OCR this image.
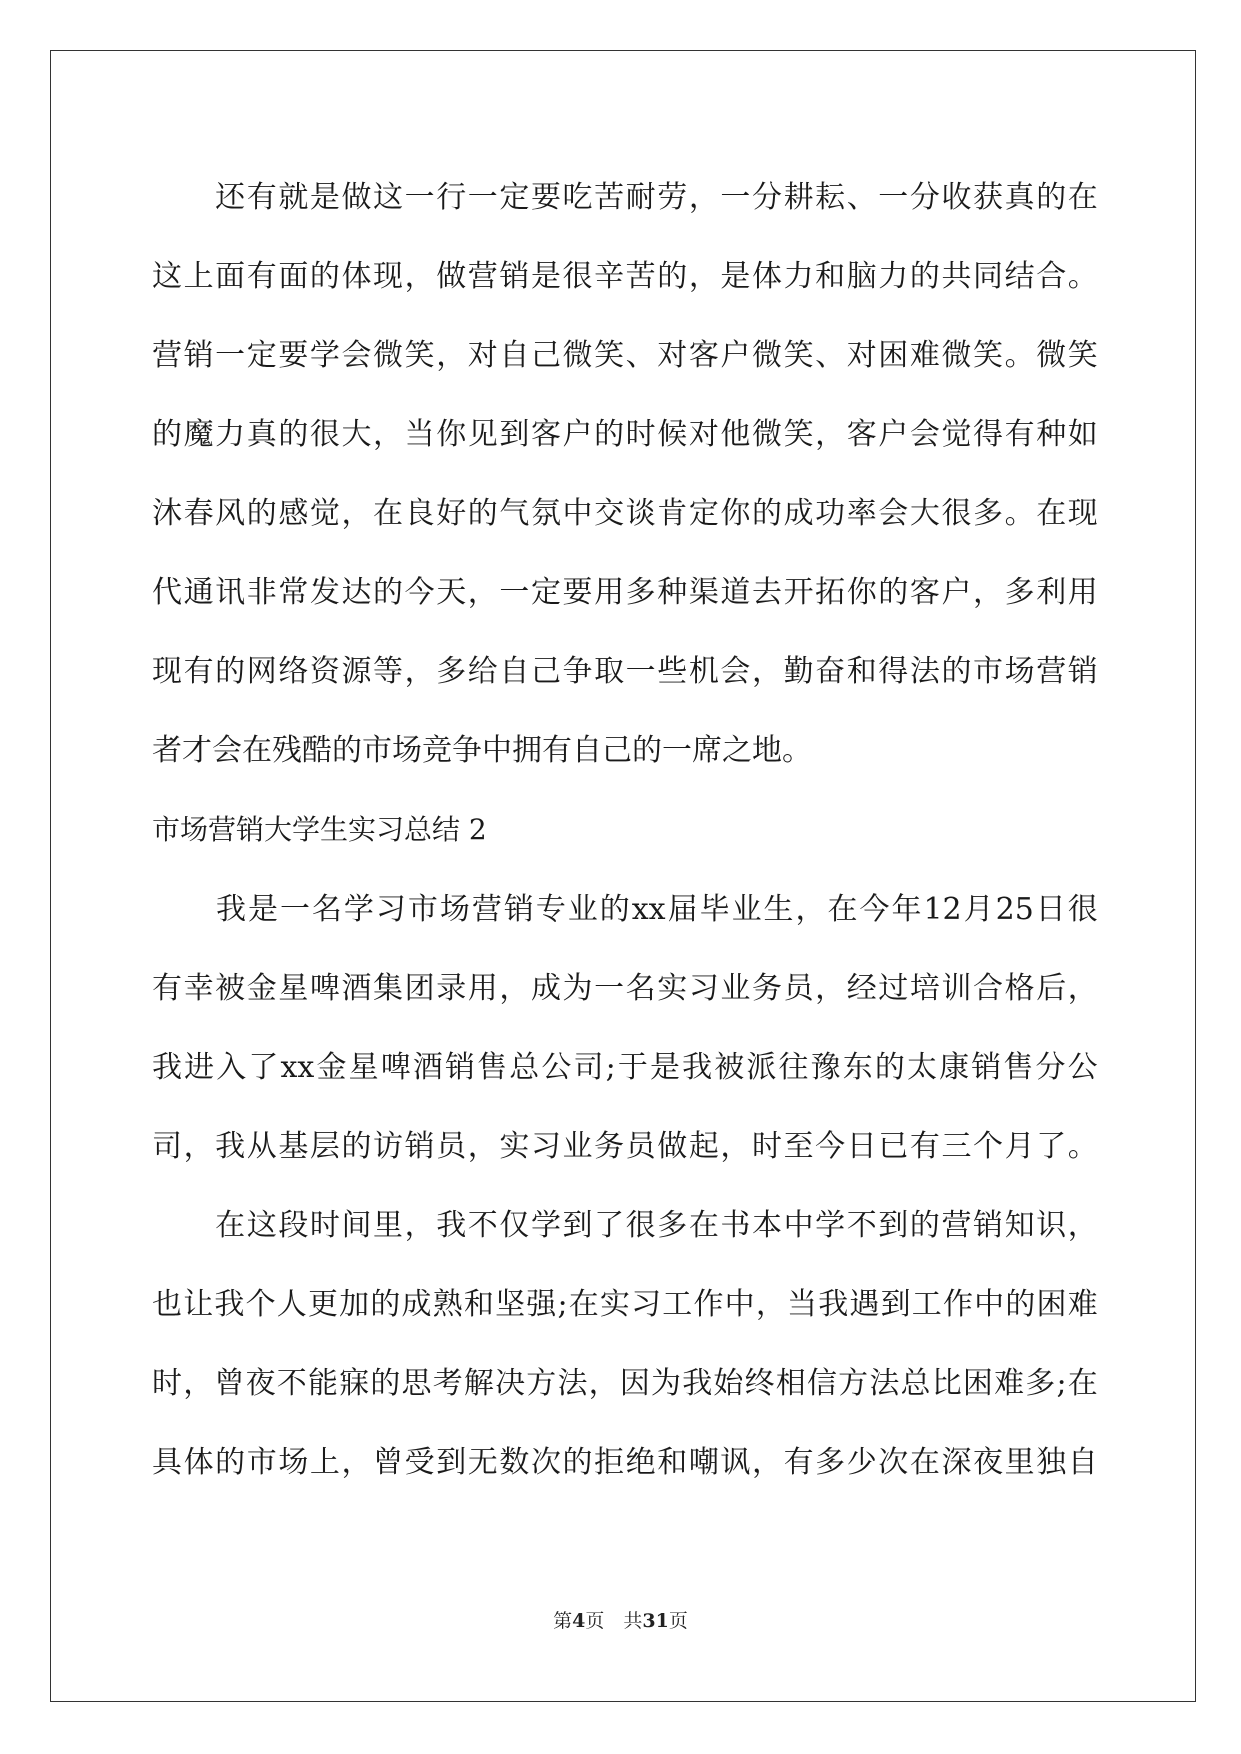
还 有 就 是 做 这 一 行 一 定 要 吃 苦 耐 劳 ， 一 分 耕 耘 、 一 分 收 获 真 的 在
这 上 面 有 面 的 体 现 ， 做 营 销 是 很 辛 苦 的 ， 是 体 力 和 脑 力 的 共 同 结 合 。
营 销 一 定 要 学 会 微 笑 ， 对 自 己 微 笑 、 对 客 户 微 笑 、 对 困 难 微 笑 。 微 笑
的 魔 力 真 的 很 大 ， 当 你 见 到 客 户 的 时 候 对 他 微 笑 ， 客 户 会 觉 得 有 种 如
沐 春 风 的 感 觉 ， 在 良 好 的 气 氛 中 交 谈 肯 定 你 的 成 功 率 会 大 很 多 。 在 现
代 通 讯 非 常 发 达 的 今 天 ， 一 定 要 用 多 种 渠 道 去 开 拓 你 的 客 户 ， 多 利 用
现 有 的 网 络 资 源 等 ， 多 给 自 己 争 取 一 些 机 会 ， 勤 奋 和 得 法 的 市 场 营 销
者才会在残酷的市场竞争中拥有自己的一席之地。
市场营销大学生实习总结 2

我 是 一 名 学 习 市 场 营 销 专 业 的 xx 届 毕 业 生 ， 在 今 年 12 月 25 日 很
有 幸 被 金 星 啤 酒 集 团 录 用 ， 成 为 一 名 实 习 业 务 员 ， 经 过 培 训 合 格 后 ，
我 进 入 了 xx 金 星 啤 酒 销 售 总 公 司 ; 于 是 我 被 派 往 豫 东 的 太 康 销 售 分 公
司 ， 我 从 基 层 的 访 销 员 ， 实 习 业 务 员 做 起 ， 时 至 今 日 已 有 三 个 月 了 。

在 这 段 时 间 里 ， 我 不 仅 学 到 了 很 多 在 书 本 中 学 不 到 的 营 销 知 识 ，
也 让 我 个 人 更 加 的 成 熟 和 坚 强 ; 在 实 习 工 作 中 ， 当 我 遇 到 工 作 中 的 困 难
时 ， 曾 夜 不 能 寐 的 思 考 解 决 方 法 ， 因 为 我 始 终 相 信 方 法 总 比 困 难 多 ; 在
具 体 的 市 场 上 ， 曾 受 到 无 数 次 的 拒 绝 和 嘲 讽 ， 有 多 少 次 在 深 夜 里 独 自
第4页　共31页
